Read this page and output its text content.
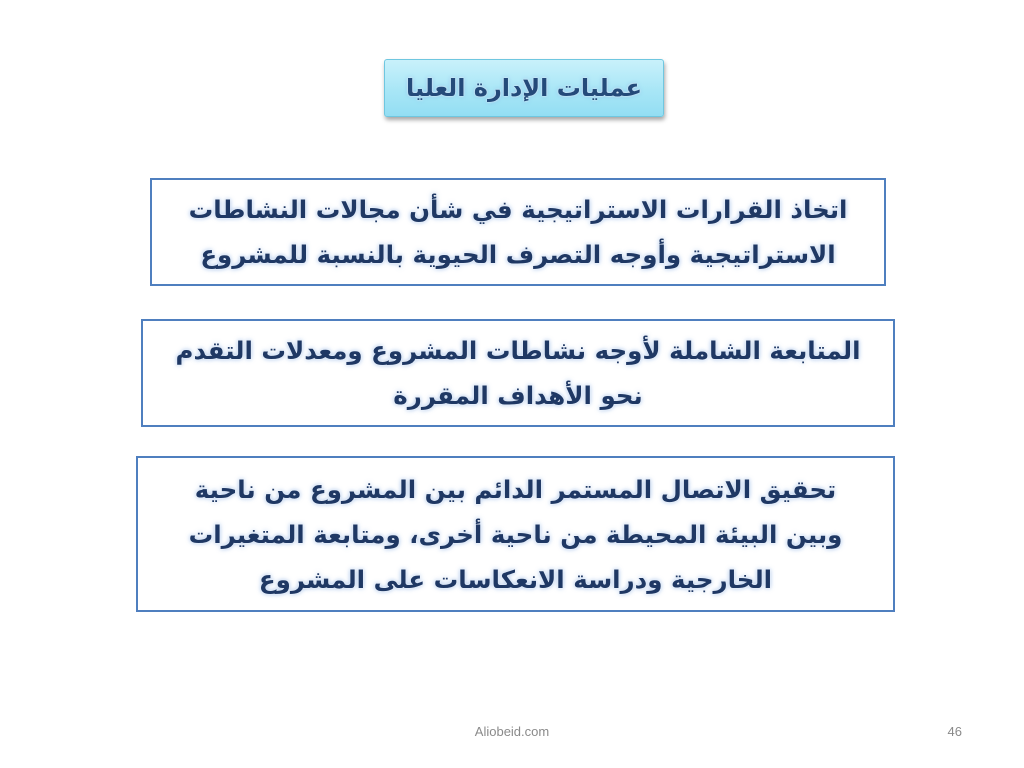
عمليات الإدارة العليا
اتخاذ القرارات الاستراتيجية في شأن مجالات النشاطات
الاستراتيجية وأوجه التصرف الحيوية بالنسبة للمشروع
المتابعة الشاملة لأوجه نشاطات المشروع ومعدلات التقدم
نحو الأهداف المقررة
تحقيق الاتصال المستمر الدائم بين المشروع من ناحية
وبين البيئة المحيطة من ناحية أخرى، ومتابعة المتغيرات
الخارجية ودراسة الانعكاسات على المشروع
Aliobeid.com	46
